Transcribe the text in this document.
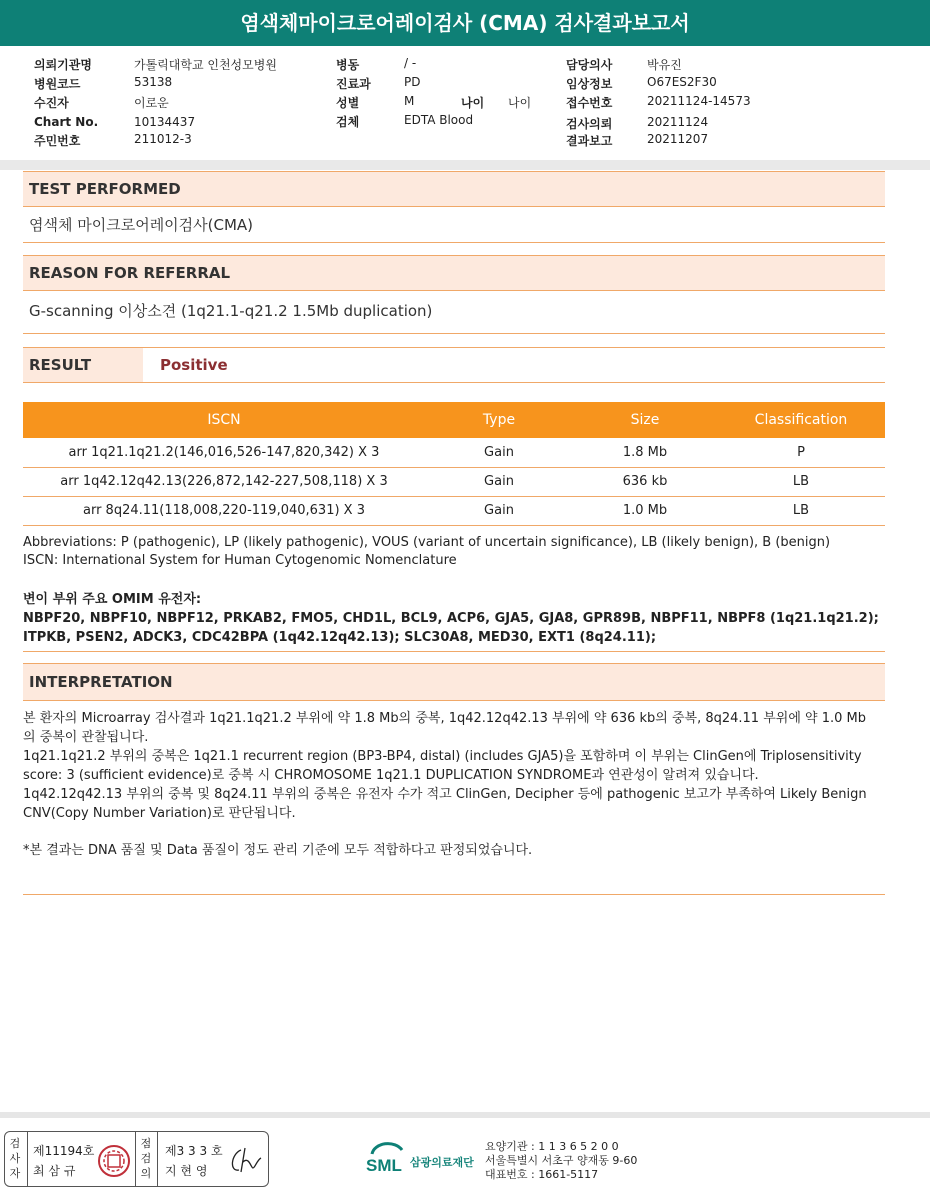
염색체마이크로어레이검사 (CMA) 검사결과보고서
의뢰기관명	가톨릭대학교 인천성모병원
병원코드	53138
수진자	이로운
Chart No.	10134437
주민번호	211012-3
병동	/ -
진료과	PD
성별	M	나이 나이
검체	EDTA Blood
담당의사	박유진
임상정보	O67ES2F30
접수번호	20211124-14573
검사의뢰	20211124
결과보고	20211207
TEST PERFORMED
염색체 마이크로어레이검사(CMA)
REASON FOR REFERRAL
G-scanning 이상소견 (1q21.1-q21.2 1.5Mb duplication)
RESULT	Positive
ISCN	Type	Size	Classification
arr 1q21.1q21.2(146,016,526-147,820,342) X 3	Gain	1.8 Mb	P
arr 1q42.12q42.13(226,872,142-227,508,118) X 3	Gain	636 kb	LB
arr 8q24.11(118,008,220-119,040,631) X 3	Gain	1.0 Mb	LB
Abbreviations: P (pathogenic), LP (likely pathogenic), VOUS (variant of uncertain significance), LB (likely benign), B (benign)
ISCN: International System for Human Cytogenomic Nomenclature
변이 부위 주요 OMIM 유전자:
NBPF20, NBPF10, NBPF12, PRKAB2, FMO5, CHD1L, BCL9, ACP6, GJA5, GJA8, GPR89B, NBPF11, NBPF8 (1q21.1q21.2); ITPKB, PSEN2, ADCK3, CDC42BPA (1q42.12q42.13); SLC30A8, MED30, EXT1 (8q24.11);
INTERPRETATION

본 환자의 Microarray 검사결과 1q21.1q21.2 부위에 약 1.8 Mb의 중복, 1q42.12q42.13 부위에 약 636 kb의 중복, 8q24.11 부위에 약 1.0 Mb의 중복이 관찰됩니다.

1q21.1q21.2 부위의 중복은 1q21.1 recurrent region (BP3-BP4, distal) (includes GJA5)을 포함하며 이 부위는 ClinGen에 Triplosensitivity score: 3 (sufficient evidence)로 중복 시 CHROMOSOME 1q21.1 DUPLICATION SYNDROME과 연관성이 알려져 있습니다.

1q42.12q42.13 부위의 중복 및 8q24.11 부위의 중복은 유전자 수가 적고 ClinGen, Decipher 등에 pathogenic 보고가 부족하여 Likely Benign CNV(Copy Number Variation)로 판단됩니다.

*본 결과는 DNA 품질 및 Data 품질이 정도 관리 기준에 모두 적합하다고 판정되었습니다.

검사자
제11194호
최 삼 규
점검의
제3 3 3 호
지 현 영	SML 삼광의료재단
요양기관 : 1 1 3 6 5 2 0 0
서울특별시 서초구 양재동 9-60
대표번호 : 1661-5117
